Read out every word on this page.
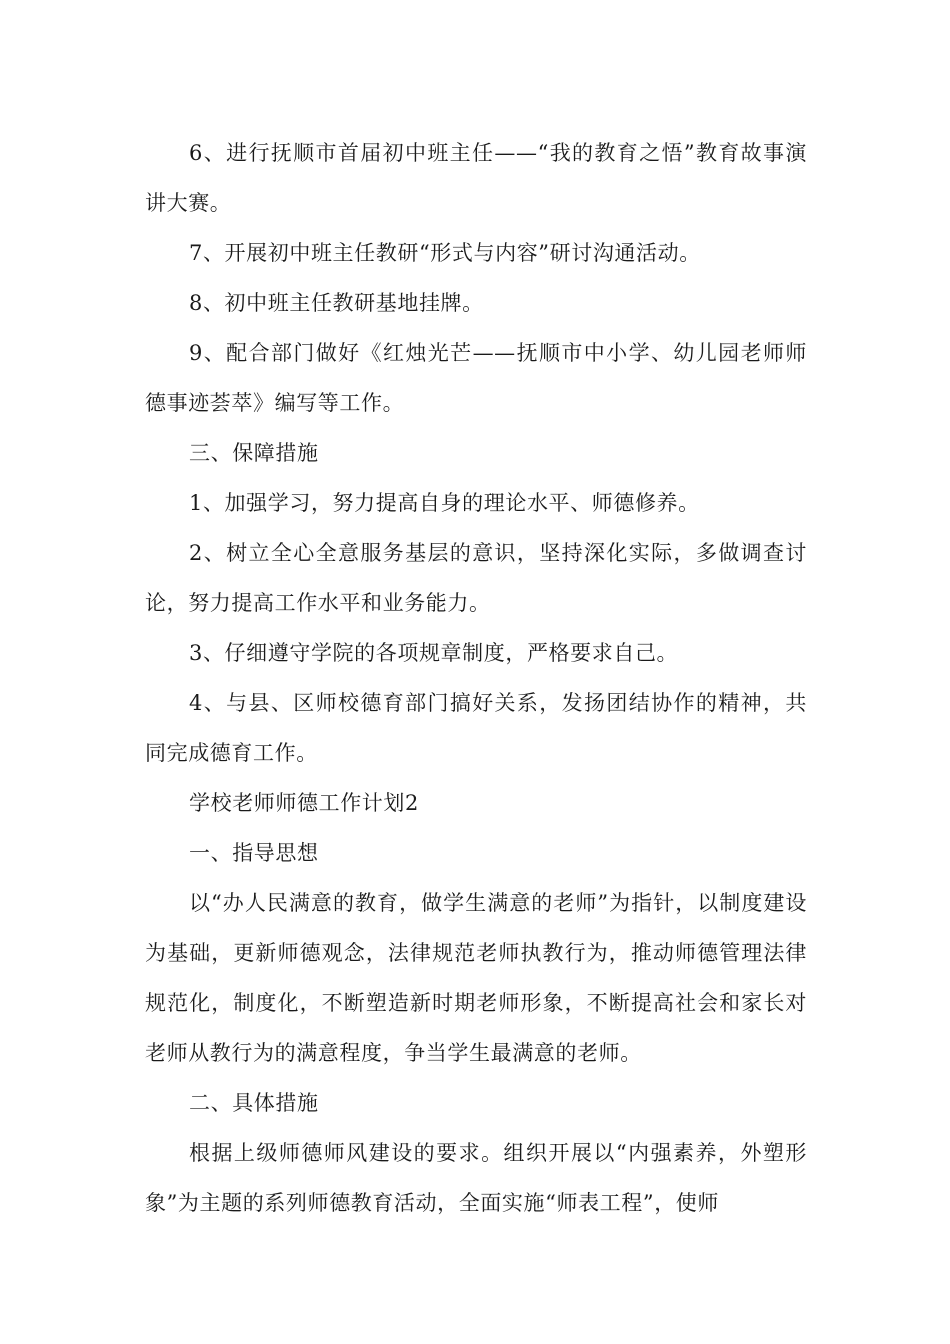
6、进行抚顺市首届初中班主任——“我的教育之悟”教育故事演讲大赛。

7、开展初中班主任教研“形式与内容”研讨沟通活动。

8、初中班主任教研基地挂牌。

9、配合部门做好《红烛光芒——抚顺市中小学、幼儿园老师师德事迹荟萃》编写等工作。

三、保障措施

1、加强学习，努力提高自身的理论水平、师德修养。

2、树立全心全意服务基层的意识，坚持深化实际，多做调查讨论，努力提高工作水平和业务能力。

3、仔细遵守学院的各项规章制度，严格要求自己。

4、与县、区师校德育部门搞好关系，发扬团结协作的精神，共同完成德育工作。

学校老师师德工作计划2

一、指导思想

以“办人民满意的教育，做学生满意的老师”为指针，以制度建设为基础，更新师德观念，法律规范老师执教行为，推动师德管理法律规范化，制度化，不断塑造新时期老师形象，不断提高社会和家长对老师从教行为的满意程度，争当学生最满意的老师。

二、具体措施

根据上级师德师风建设的要求。组织开展以“内强素养，外塑形象”为主题的系列师德教育活动，全面实施“师表工程”，使师
